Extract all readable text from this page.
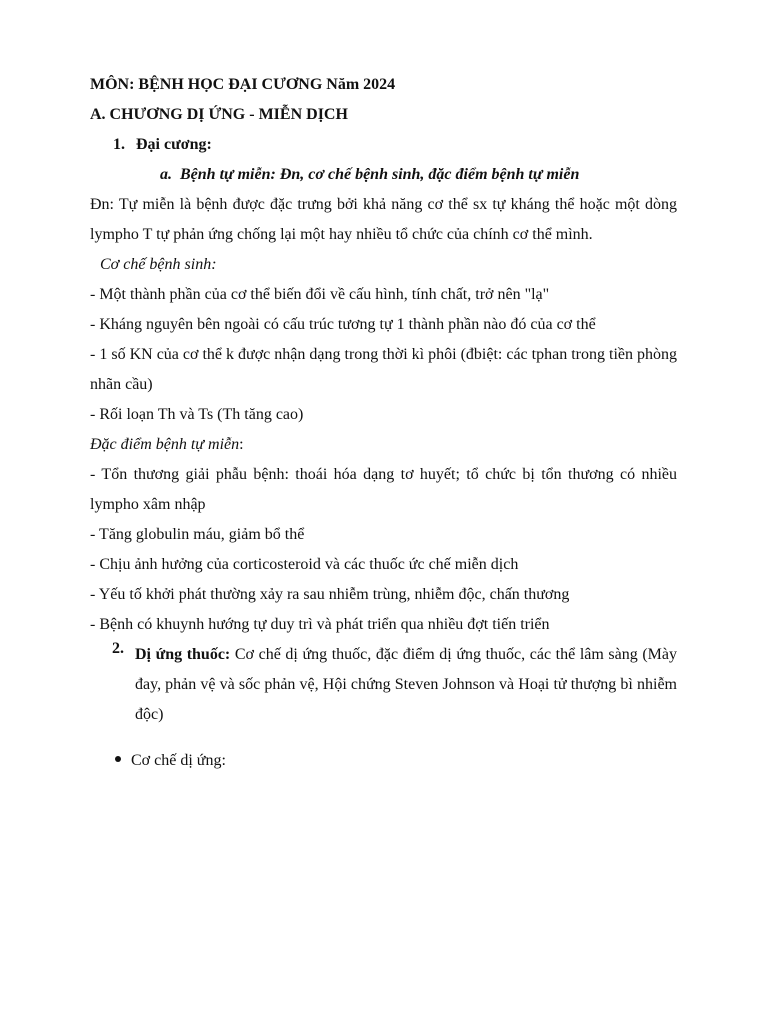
MÔN: BỆNH HỌC ĐẠI CƯƠNG Năm 2024

A. CHƯƠNG DỊ ỨNG - MIỄN DỊCH

1. Đại cương:

a. Bệnh tự miễn: Đn, cơ chế bệnh sinh, đặc điểm bệnh tự miễn

Đn: Tự miễn là bệnh được đặc trưng bởi khả năng cơ thể sx tự kháng thể hoặc một dòng lympho T tự phản ứng chống lại một hay nhiều tổ chức của chính cơ thể mình.

Cơ chế bệnh sinh:

- Một thành phần của cơ thể biến đổi về cấu hình, tính chất, trở nên "lạ"

- Kháng nguyên bên ngoài có cấu trúc tương tự 1 thành phần nào đó của cơ thể

- 1 số KN của cơ thể k được nhận dạng trong thời kì phôi (đbiệt: các tphan trong tiền phòng nhãn cầu)

- Rối loạn Th và Ts (Th tăng cao)

Đặc điểm bệnh tự miễn:

- Tổn thương giải phẫu bệnh: thoái hóa dạng tơ huyết; tổ chức bị tổn thương có nhiều lympho xâm nhập

- Tăng globulin máu, giảm bổ thể

- Chịu ảnh hưởng của corticosteroid và các thuốc ức chế miễn dịch

- Yếu tố khởi phát thường xảy ra sau nhiễm trùng, nhiễm độc, chấn thương

- Bệnh có khuynh hướng tự duy trì và phát triển qua nhiều đợt tiến triển

2. Dị ứng thuốc: Cơ chế dị ứng thuốc, đặc điểm dị ứng thuốc, các thể lâm sàng (Mày đay, phản vệ và sốc phản vệ, Hội chứng Steven Johnson và Hoại tử thượng bì nhiễm độc)

Cơ chế dị ứng:
